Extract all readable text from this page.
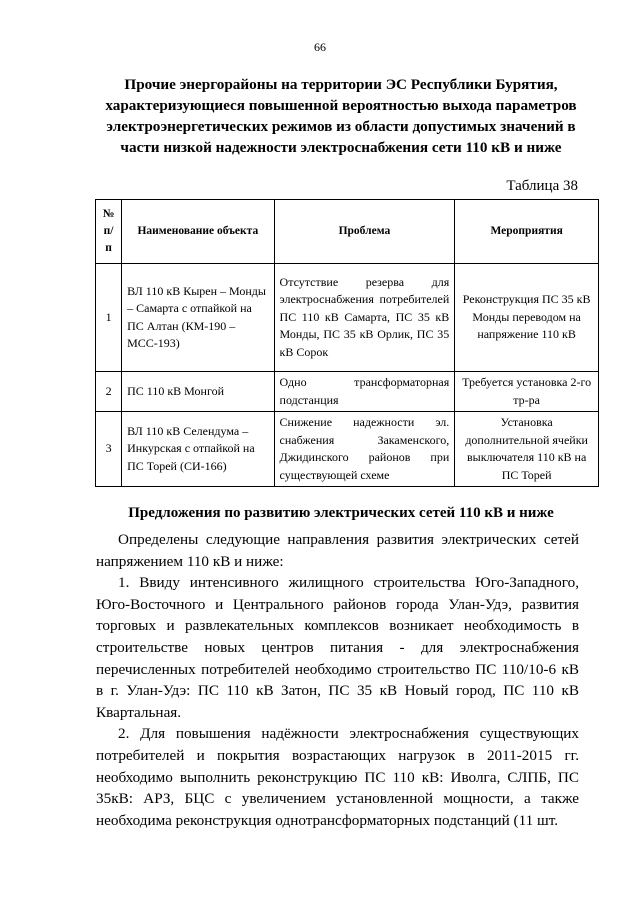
66
Прочие энергорайоны на территории ЭС Республики Бурятия, характеризующиеся повышенной вероятностью выхода параметров электроэнергетических режимов из области допустимых значений в части низкой надежности электроснабжения сети 110 кВ и ниже
Таблица 38
№ п/п	Наименование объекта	Проблема	Мероприятия
1	ВЛ 110 кВ Кырен – Монды – Самарта с отпайкой на ПС Алтан (КМ-190 – МСС-193)	Отсутствие резерва для электроснабжения потребителей ПС 110 кВ Самарта, ПС 35 кВ Монды, ПС 35 кВ Орлик, ПС 35 кВ Сорок	Реконструкция ПС 35 кВ Монды переводом на напряжение 110 кВ
2	ПС 110 кВ Монгой	Одно трансформаторная подстанция	Требуется установка 2-го тр-ра
3	ВЛ 110 кВ Селендума – Инкурская с отпайкой на ПС Торей (СИ-166)	Снижение надежности эл. снабжения Закаменского, Джидинского районов при существующей схеме	Установка дополнительной ячейки выключателя 110 кВ на ПС Торей
Предложения по развитию электрических сетей 110 кВ и ниже

Определены следующие направления развития электрических сетей напряжением 110 кВ и ниже:

1. Ввиду интенсивного жилищного строительства Юго-Западного, Юго-Восточного и Центрального районов города Улан-Удэ, развития торговых и развлекательных комплексов возникает необходимость в строительстве новых центров питания - для электроснабжения перечисленных потребителей необходимо строительство ПС 110/10-6 кВ в г. Улан-Удэ: ПС 110 кВ Затон, ПС 35 кВ Новый город, ПС 110 кВ Квартальная.

2. Для повышения надёжности электроснабжения существующих потребителей и покрытия возрастающих нагрузок в 2011-2015 гг. необходимо выполнить реконструкцию ПС 110 кВ: Иволга, СЛПБ, ПС 35кВ: АРЗ, БЦС с увеличением установленной мощности, а также необходима реконструкция однотрансформаторных подстанций (11 шт.
